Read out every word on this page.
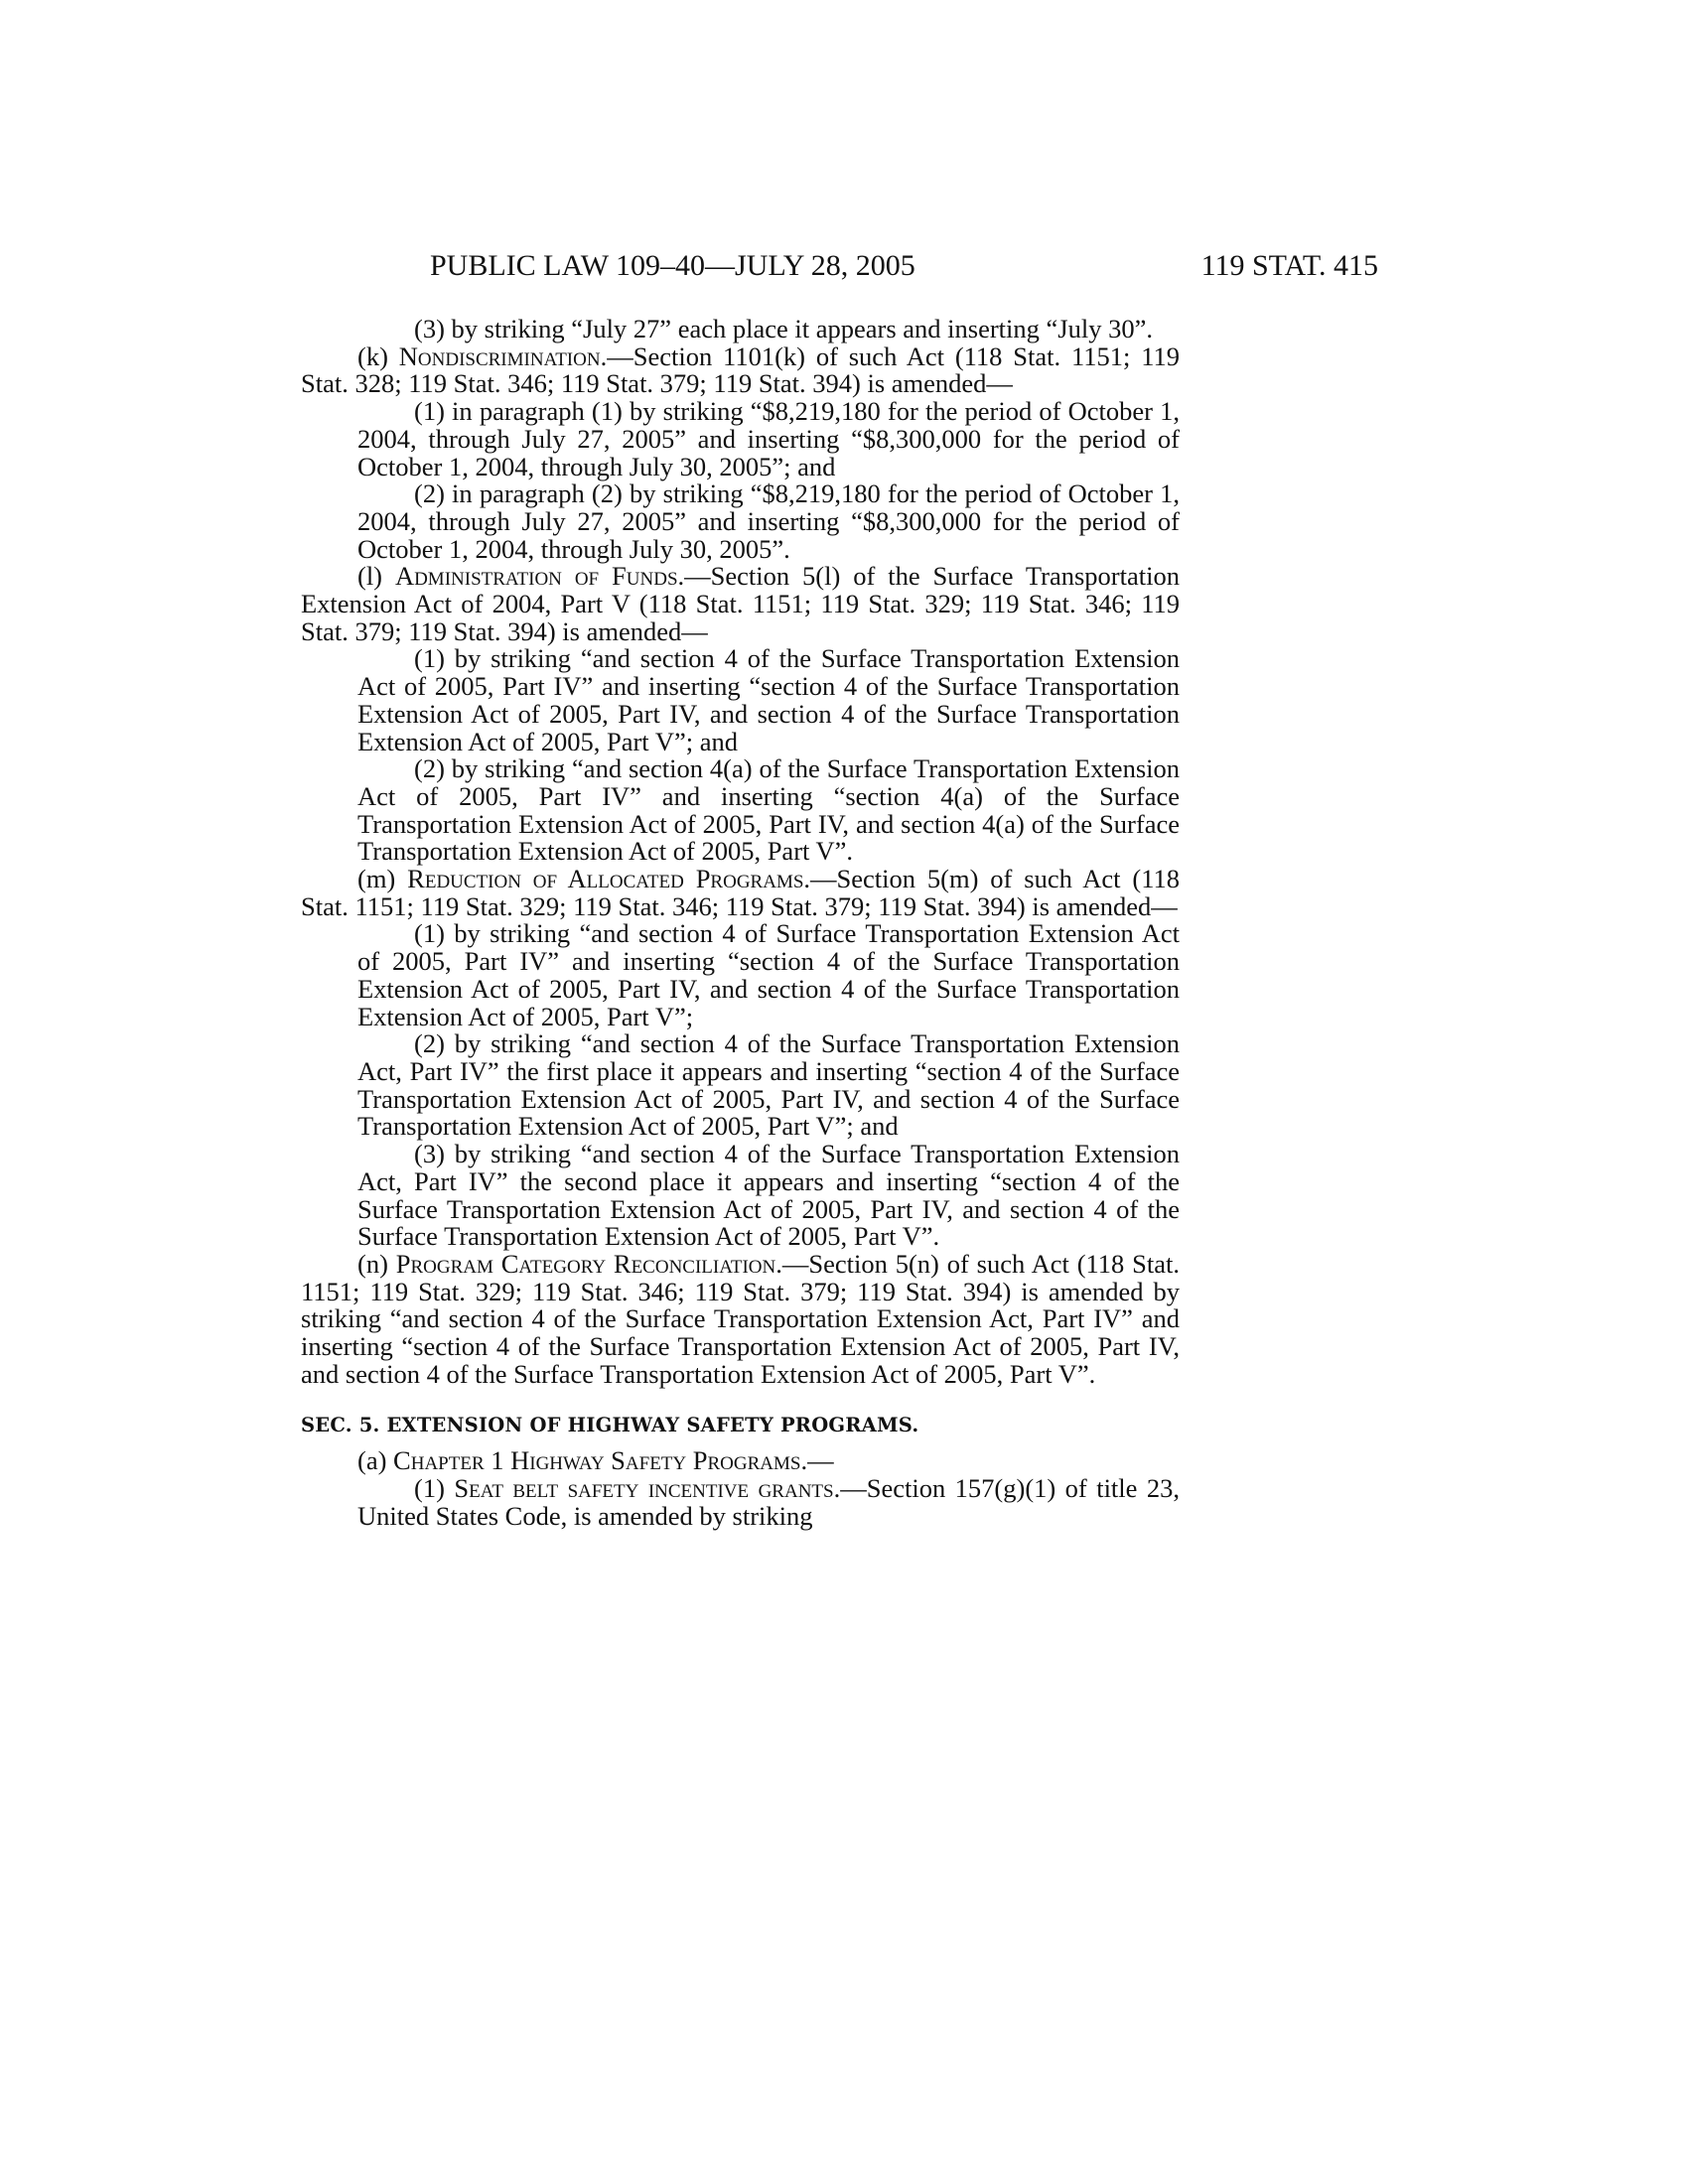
PUBLIC LAW 109–40—JULY 28, 2005	119 STAT. 415

(3) by striking “July 27” each place it appears and inserting “July 30”.

(k) Nondiscrimination.—Section 1101(k) of such Act (118 Stat. 1151; 119 Stat. 328; 119 Stat. 346; 119 Stat. 379; 119 Stat. 394) is amended—

(1) in paragraph (1) by striking “$8,219,180 for the period of October 1, 2004, through July 27, 2005” and inserting “$8,300,000 for the period of October 1, 2004, through July 30, 2005”; and

(2) in paragraph (2) by striking “$8,219,180 for the period of October 1, 2004, through July 27, 2005” and inserting “$8,300,000 for the period of October 1, 2004, through July 30, 2005”.

(l) Administration of Funds.—Section 5(l) of the Surface Transportation Extension Act of 2004, Part V (118 Stat. 1151; 119 Stat. 329; 119 Stat. 346; 119 Stat. 379; 119 Stat. 394) is amended—

(1) by striking “and section 4 of the Surface Transportation Extension Act of 2005, Part IV” and inserting “section 4 of the Surface Transportation Extension Act of 2005, Part IV, and section 4 of the Surface Transportation Extension Act of 2005, Part V”; and

(2) by striking “and section 4(a) of the Surface Transportation Extension Act of 2005, Part IV” and inserting “section 4(a) of the Surface Transportation Extension Act of 2005, Part IV, and section 4(a) of the Surface Transportation Extension Act of 2005, Part V”.

(m) Reduction of Allocated Programs.—Section 5(m) of such Act (118 Stat. 1151; 119 Stat. 329; 119 Stat. 346; 119 Stat. 379; 119 Stat. 394) is amended—

(1) by striking “and section 4 of Surface Transportation Extension Act of 2005, Part IV” and inserting “section 4 of the Surface Transportation Extension Act of 2005, Part IV, and section 4 of the Surface Transportation Extension Act of 2005, Part V”;

(2) by striking “and section 4 of the Surface Transportation Extension Act, Part IV” the first place it appears and inserting “section 4 of the Surface Transportation Extension Act of 2005, Part IV, and section 4 of the Surface Transportation Extension Act of 2005, Part V”; and

(3) by striking “and section 4 of the Surface Transportation Extension Act, Part IV” the second place it appears and inserting “section 4 of the Surface Transportation Extension Act of 2005, Part IV, and section 4 of the Surface Transportation Extension Act of 2005, Part V”.

(n) Program Category Reconciliation.—Section 5(n) of such Act (118 Stat. 1151; 119 Stat. 329; 119 Stat. 346; 119 Stat. 379; 119 Stat. 394) is amended by striking “and section 4 of the Surface Transportation Extension Act, Part IV” and inserting “section 4 of the Surface Transportation Extension Act of 2005, Part IV, and section 4 of the Surface Transportation Extension Act of 2005, Part V”.

SEC. 5. EXTENSION OF HIGHWAY SAFETY PROGRAMS.

(a) Chapter 1 Highway Safety Programs.—

(1) Seat belt safety incentive grants.—Section 157(g)(1) of title 23, United States Code, is amended by striking
